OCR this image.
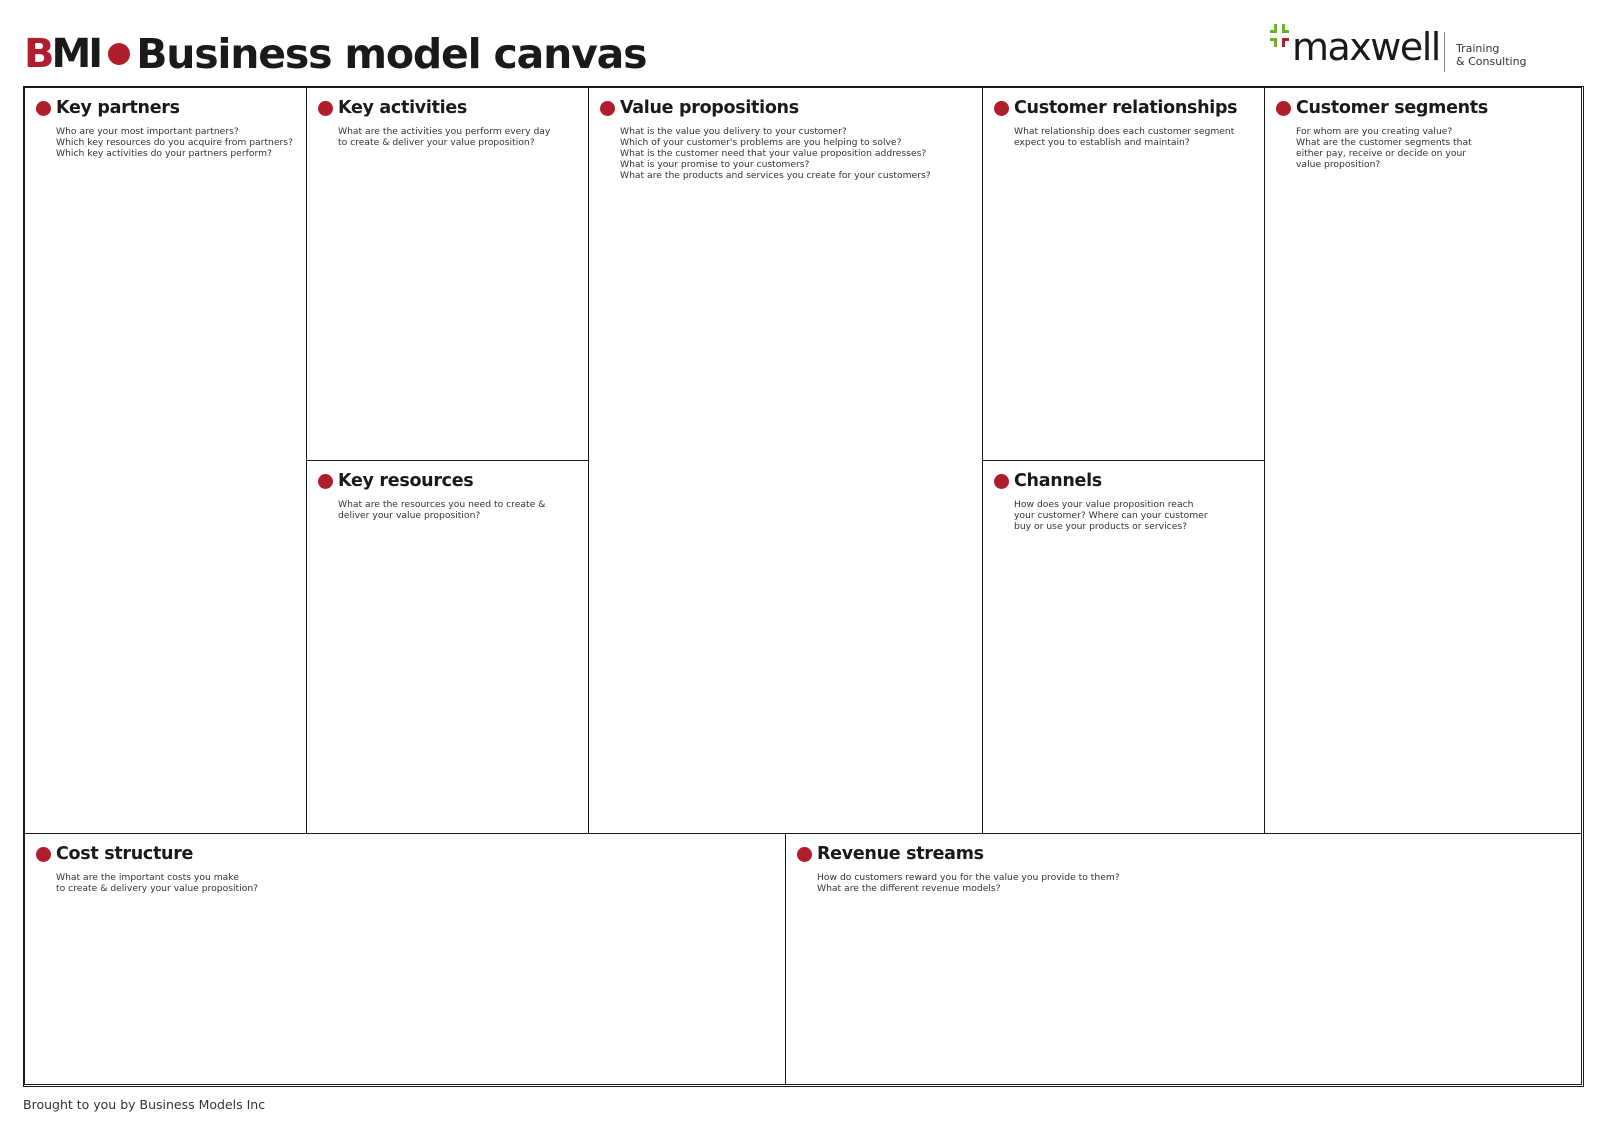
BMI Business model canvas	maxwell Training
& Consulting
Key partners
Who are your most important partners?
Which key resources do you acquire from partners?
Which key activities do your partners perform?
Key activities
What are the activities you perform every day
to create & deliver your value proposition?
Key resources
What are the resources you need to create &
deliver your value proposition?
Value propositions
What is the value you delivery to your customer?
Which of your customer's problems are you helping to solve?
What is the customer need that your value proposition addresses?
What is your promise to your customers?
What are the products and services you create for your customers?
Customer relationships
What relationship does each customer segment
expect you to establish and maintain?
Channels
How does your value proposition reach
your customer? Where can your customer
buy or use your products or services?
Customer segments
For whom are you creating value?
What are the customer segments that
either pay, receive or decide on your
value proposition?
Cost structure
What are the important costs you make
to create & delivery your value proposition?
Revenue streams
How do customers reward you for the value you provide to them?
What are the different revenue models?
Brought to you by Business Models Inc
